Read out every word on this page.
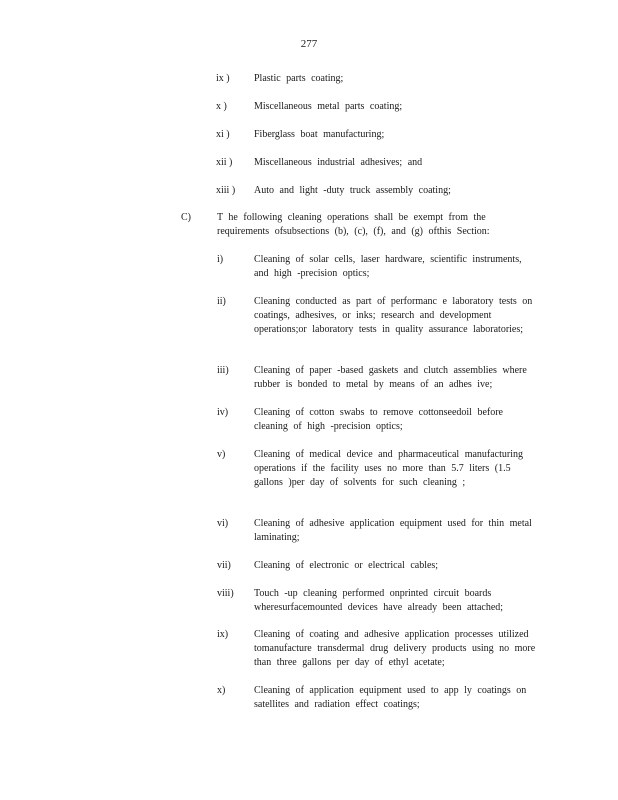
277
ix )	Plastic parts coating;
x )	Miscellaneous metal parts coating;
xi )	Fiberglass boat manufacturing;
xii )	Miscellaneous industrial adhesives; and
xiii )	Auto and light -duty truck assembly coating;
C)	T he following cleaning operations shall be exempt from the requirements ofsubsections (b), (c), (f), and (g) ofthis Section:
i)	Cleaning of solar cells, laser hardware, scientific instruments, and high -precision optics;
ii)	Cleaning conducted as part of performanc e laboratory tests on coatings, adhesives, or inks; research and development operations;or laboratory tests in quality assurance laboratories;
iii)	Cleaning of paper -based gaskets and clutch assemblies where rubber is bonded to metal by means of an adhes ive;
iv)	Cleaning of cotton swabs to remove cottonseedoil before cleaning of high -precision optics;
v)	Cleaning of medical device and pharmaceutical manufacturing operations if the facility uses no more than 5.7 liters (1.5 gallons )per day of solvents for such cleaning ;
vi)	Cleaning of adhesive application equipment used for thin metal laminating;
vii)	Cleaning of electronic or electrical cables;
viii)	Touch -up cleaning performed onprinted circuit boards wheresurfacemounted devices have already been attached;
ix)	Cleaning of coating and adhesive application processes utilized tomanufacture transdermal drug delivery products using no more than three gallons per day of ethyl acetate;
x)	Cleaning of application equipment used to app ly coatings on satellites and radiation effect coatings;
